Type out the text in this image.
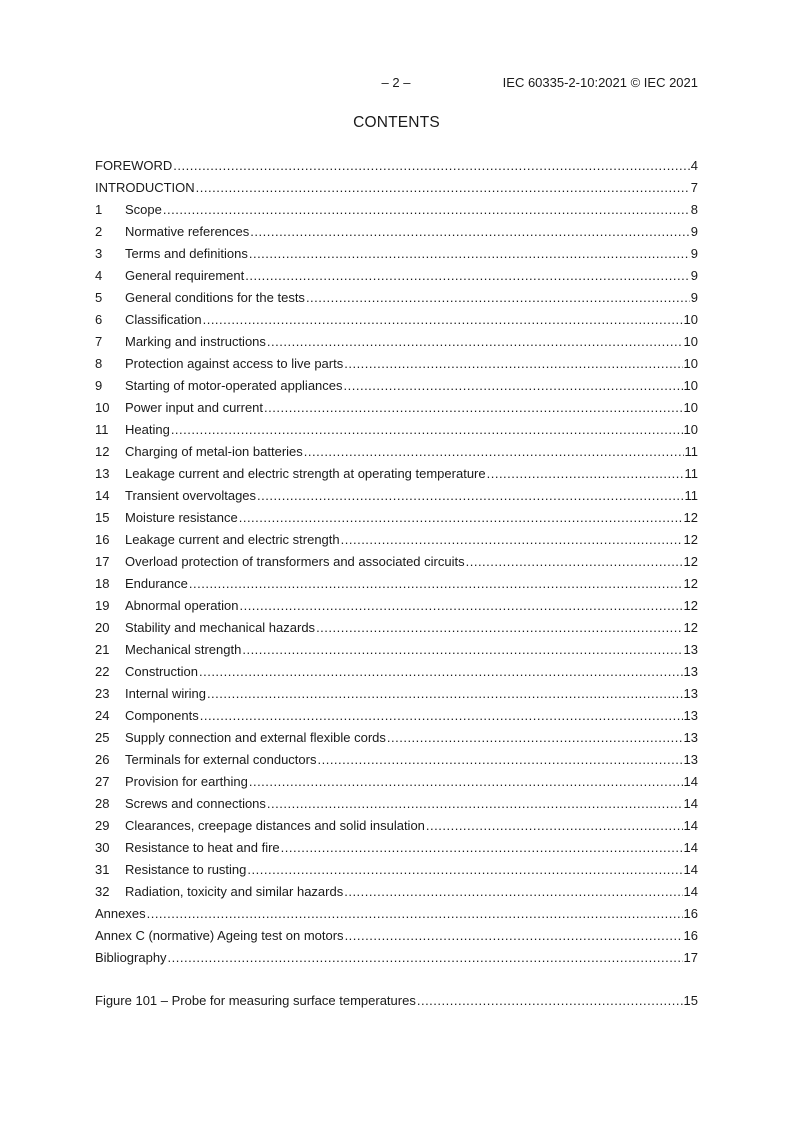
– 2 –	IEC 60335-2-10:2021 © IEC 2021
CONTENTS
FOREWORD .....	4
INTRODUCTION .....	7
1	Scope .....	8
2	Normative references .....	9
3	Terms and definitions .....	9
4	General requirement .....	9
5	General conditions for the tests .....	9
6	Classification .....	10
7	Marking and instructions .....	10
8	Protection against access to live parts .....	10
9	Starting of motor-operated appliances .....	10
10	Power input and current .....	10
11	Heating .....	10
12	Charging of metal-ion batteries .....	11
13	Leakage current and electric strength at operating temperature .....	11
14	Transient overvoltages .....	11
15	Moisture resistance .....	12
16	Leakage current and electric strength .....	12
17	Overload protection of transformers and associated circuits .....	12
18	Endurance .....	12
19	Abnormal operation .....	12
20	Stability and mechanical hazards .....	12
21	Mechanical strength .....	13
22	Construction .....	13
23	Internal wiring .....	13
24	Components .....	13
25	Supply connection and external flexible cords .....	13
26	Terminals for external conductors .....	13
27	Provision for earthing .....	14
28	Screws and connections .....	14
29	Clearances, creepage distances and solid insulation .....	14
30	Resistance to heat and fire .....	14
31	Resistance to rusting .....	14
32	Radiation, toxicity and similar hazards .....	14
Annexes .....	16
Annex C (normative) Ageing test on motors .....	16
Bibliography .....	17
Figure 101 – Probe for measuring surface temperatures .....	15
